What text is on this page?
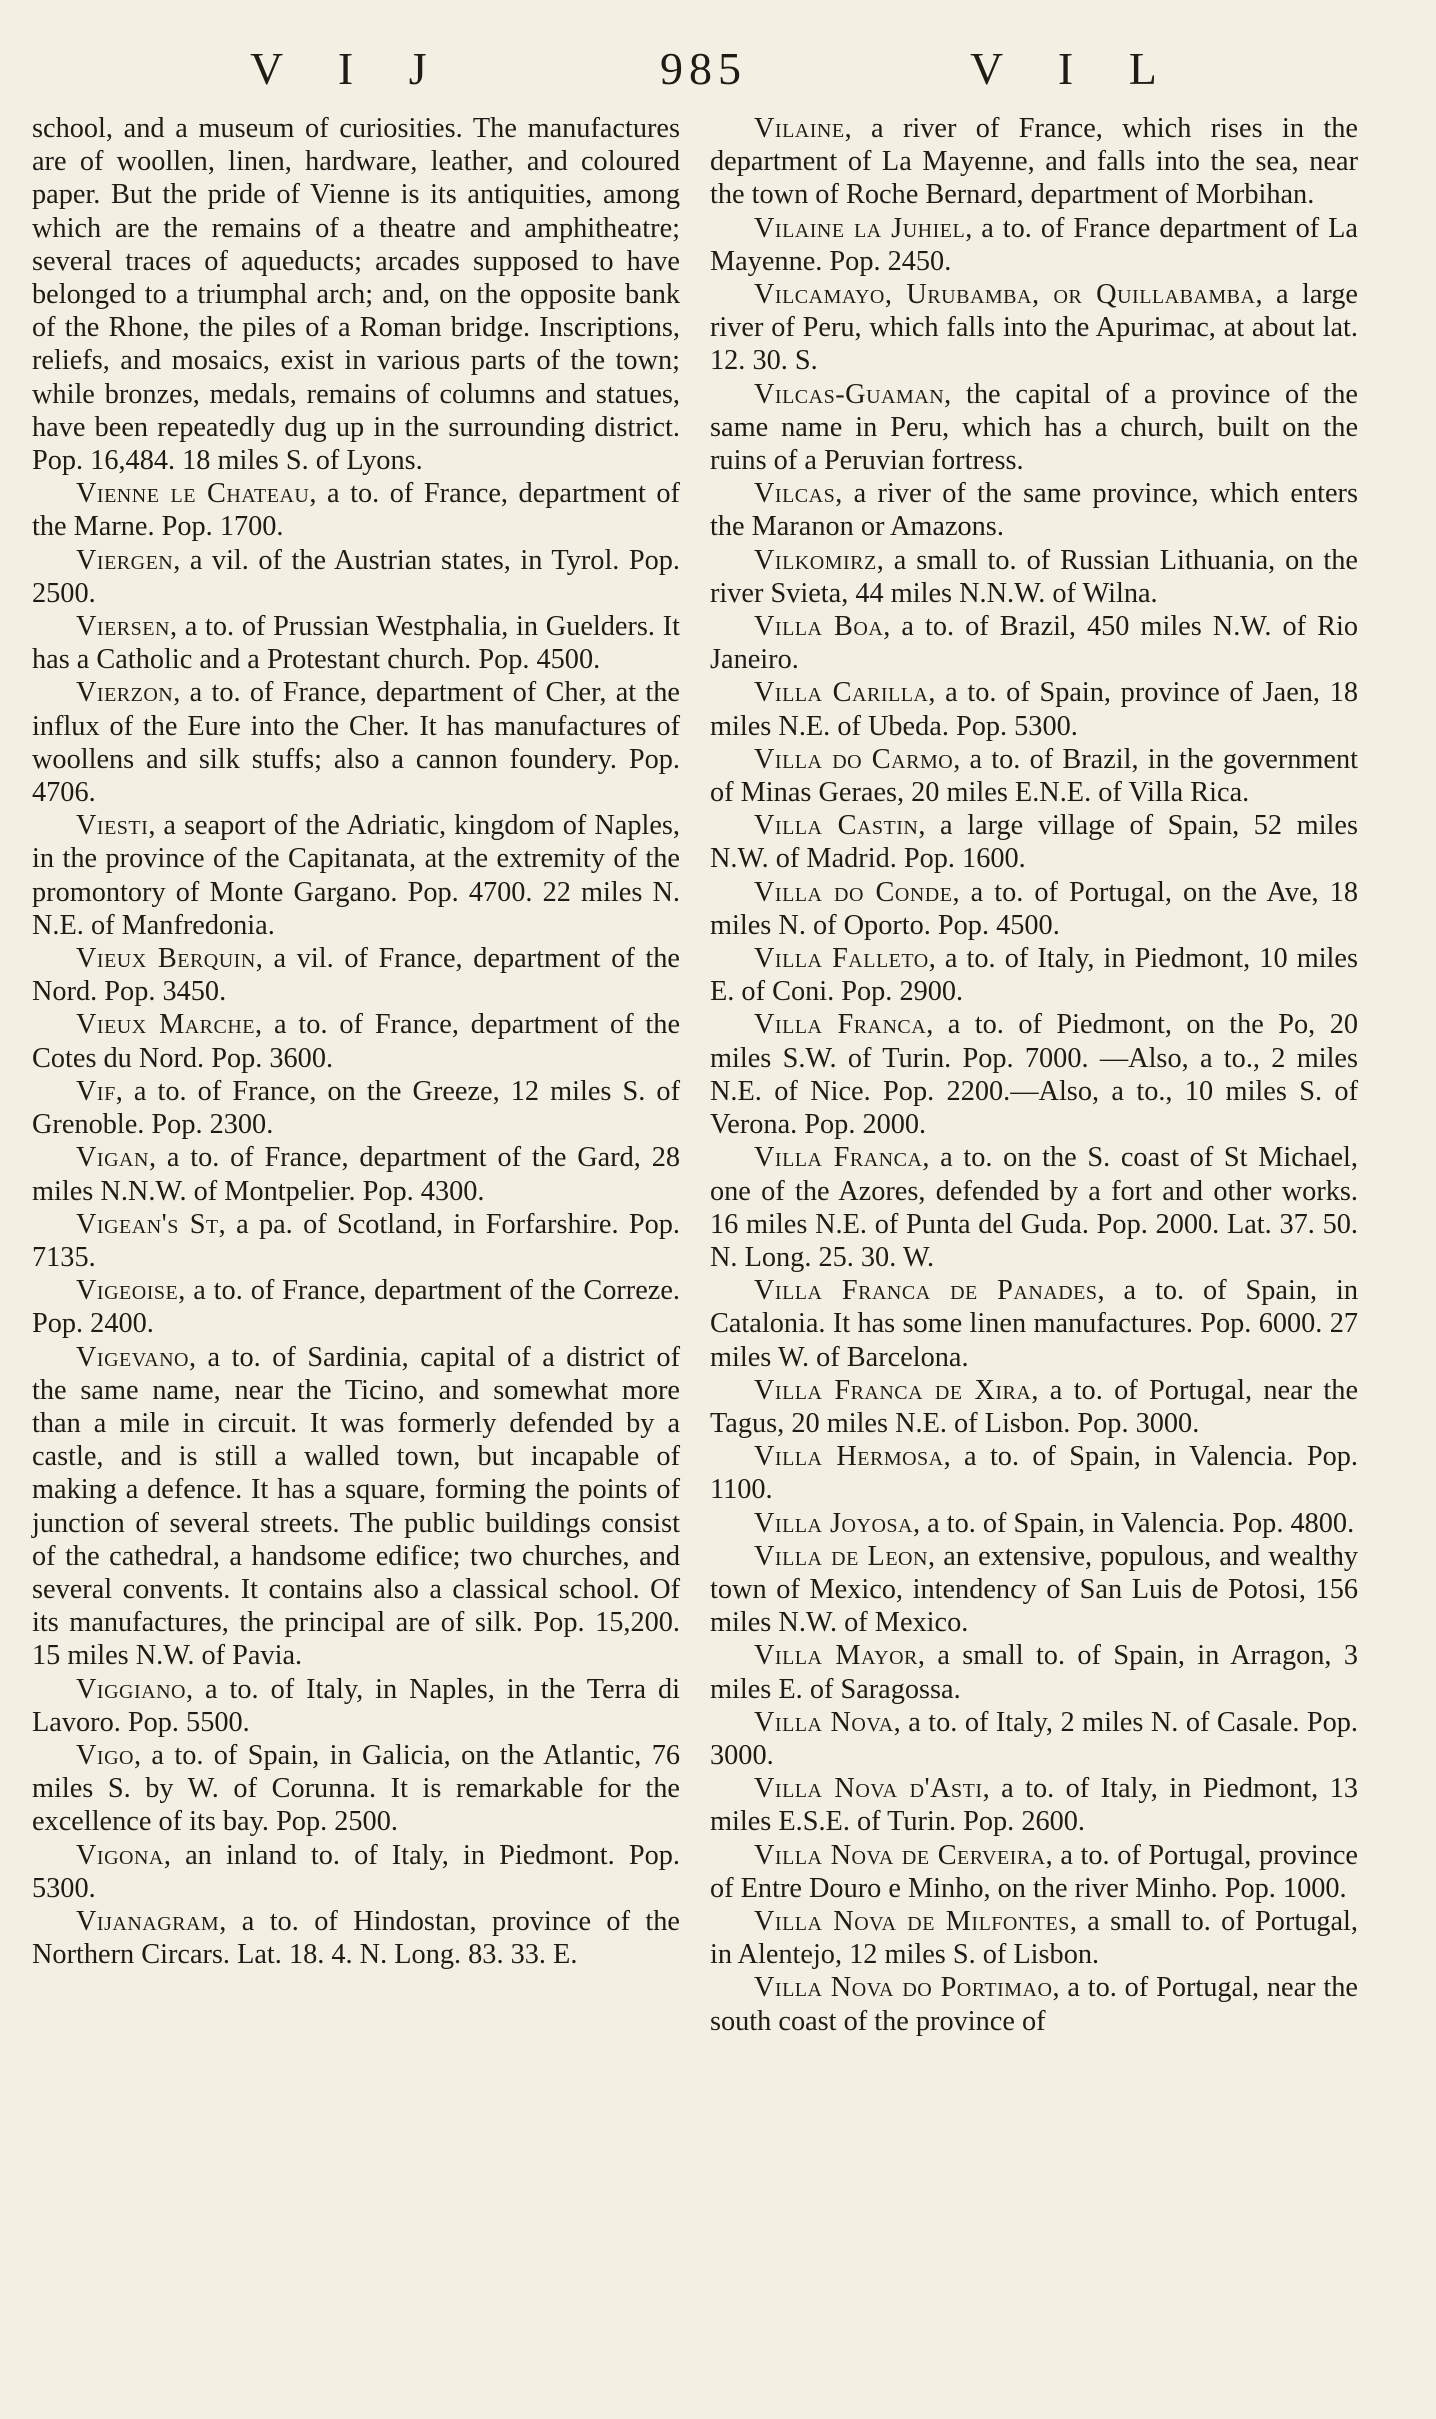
V I J	985	V I L

school, and a museum of curiosities. The manufactures are of woollen, linen, hardware, leather, and coloured paper. But the pride of Vienne is its antiquities, among which are the remains of a theatre and amphitheatre; several traces of aqueducts; arcades supposed to have belonged to a triumphal arch; and, on the opposite bank of the Rhone, the piles of a Roman bridge. Inscriptions, reliefs, and mosaics, exist in various parts of the town; while bronzes, medals, remains of columns and statues, have been repeatedly dug up in the surrounding district. Pop. 16,484. 18 miles S. of Lyons.

Vienne le Chateau, a to. of France, department of the Marne. Pop. 1700.

Viergen, a vil. of the Austrian states, in Tyrol. Pop. 2500.

Viersen, a to. of Prussian Westphalia, in Guelders. It has a Catholic and a Protestant church. Pop. 4500.

Vierzon, a to. of France, department of Cher, at the influx of the Eure into the Cher. It has manufactures of woollens and silk stuffs; also a cannon foundery. Pop. 4706.

Viesti, a seaport of the Adriatic, kingdom of Naples, in the province of the Capitanata, at the extremity of the promontory of Monte Gargano. Pop. 4700. 22 miles N. N.E. of Manfredonia.

Vieux Berquin, a vil. of France, department of the Nord. Pop. 3450.

Vieux Marche, a to. of France, department of the Cotes du Nord. Pop. 3600.

Vif, a to. of France, on the Greeze, 12 miles S. of Grenoble. Pop. 2300.

Vigan, a to. of France, department of the Gard, 28 miles N.N.W. of Montpelier. Pop. 4300.

Vigean's St, a pa. of Scotland, in Forfarshire. Pop. 7135.

Vigeoise, a to. of France, department of the Correze. Pop. 2400.

Vigevano, a to. of Sardinia, capital of a district of the same name, near the Ticino, and somewhat more than a mile in circuit. It was formerly defended by a castle, and is still a walled town, but incapable of making a defence. It has a square, forming the points of junction of several streets. The public buildings consist of the cathedral, a handsome edifice; two churches, and several convents. It contains also a classical school. Of its manufactures, the principal are of silk. Pop. 15,200. 15 miles N.W. of Pavia.

Viggiano, a to. of Italy, in Naples, in the Terra di Lavoro. Pop. 5500.

Vigo, a to. of Spain, in Galicia, on the Atlantic, 76 miles S. by W. of Corunna. It is remarkable for the excellence of its bay. Pop. 2500.

Vigona, an inland to. of Italy, in Piedmont. Pop. 5300.

Vijanagram, a to. of Hindostan, province of the Northern Circars. Lat. 18. 4. N. Long. 83. 33. E.

Vilaine, a river of France, which rises in the department of La Mayenne, and falls into the sea, near the town of Roche Bernard, department of Morbihan.

Vilaine la Juhiel, a to. of France department of La Mayenne. Pop. 2450.

Vilcamayo, Urubamba, or Quillabamba, a large river of Peru, which falls into the Apurimac, at about lat. 12. 30. S.

Vilcas-Guaman, the capital of a province of the same name in Peru, which has a church, built on the ruins of a Peruvian fortress.

Vilcas, a river of the same province, which enters the Maranon or Amazons.

Vilkomirz, a small to. of Russian Lithuania, on the river Svieta, 44 miles N.N.W. of Wilna.

Villa Boa, a to. of Brazil, 450 miles N.W. of Rio Janeiro.

Villa Carilla, a to. of Spain, province of Jaen, 18 miles N.E. of Ubeda. Pop. 5300.

Villa do Carmo, a to. of Brazil, in the government of Minas Geraes, 20 miles E.N.E. of Villa Rica.

Villa Castin, a large village of Spain, 52 miles N.W. of Madrid. Pop. 1600.

Villa do Conde, a to. of Portugal, on the Ave, 18 miles N. of Oporto. Pop. 4500.

Villa Falleto, a to. of Italy, in Piedmont, 10 miles E. of Coni. Pop. 2900.

Villa Franca, a to. of Piedmont, on the Po, 20 miles S.W. of Turin. Pop. 7000. —Also, a to., 2 miles N.E. of Nice. Pop. 2200.—Also, a to., 10 miles S. of Verona. Pop. 2000.

Villa Franca, a to. on the S. coast of St Michael, one of the Azores, defended by a fort and other works. 16 miles N.E. of Punta del Guda. Pop. 2000. Lat. 37. 50. N. Long. 25. 30. W.

Villa Franca de Panades, a to. of Spain, in Catalonia. It has some linen manufactures. Pop. 6000. 27 miles W. of Barcelona.

Villa Franca de Xira, a to. of Portugal, near the Tagus, 20 miles N.E. of Lisbon. Pop. 3000.

Villa Hermosa, a to. of Spain, in Valencia. Pop. 1100.

Villa Joyosa, a to. of Spain, in Valencia. Pop. 4800.

Villa de Leon, an extensive, populous, and wealthy town of Mexico, intendency of San Luis de Potosi, 156 miles N.W. of Mexico.

Villa Mayor, a small to. of Spain, in Arragon, 3 miles E. of Saragossa.

Villa Nova, a to. of Italy, 2 miles N. of Casale. Pop. 3000.

Villa Nova d'Asti, a to. of Italy, in Piedmont, 13 miles E.S.E. of Turin. Pop. 2600.

Villa Nova de Cerveira, a to. of Portugal, province of Entre Douro e Minho, on the river Minho. Pop. 1000.

Villa Nova de Milfontes, a small to. of Portugal, in Alentejo, 12 miles S. of Lisbon.

Villa Nova do Portimao, a to. of Portugal, near the south coast of the province of
